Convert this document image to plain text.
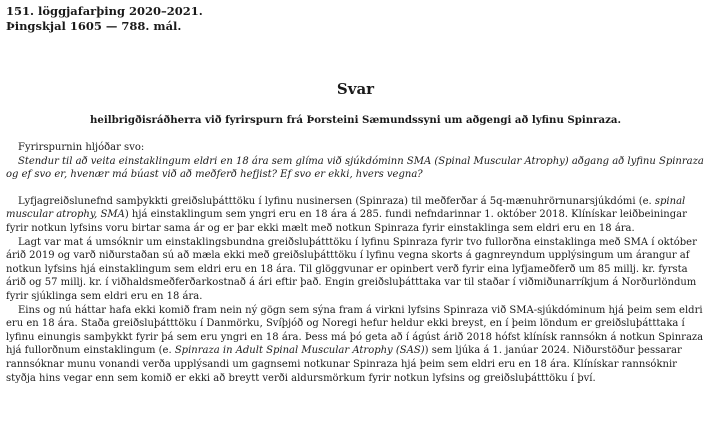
151. löggjafarþing 2020–2021.

Þingskjal 1605 — 788. mál.

Svar

heilbrigðisráðherra við fyrirspurn frá Þorsteini Sæmundssyni um aðgengi að lyfinu Spinraza.

Fyrirspurnin hljóðar svo:

Stendur til að veita einstaklingum eldri en 18 ára sem glíma við sjúkdóminn SMA (Spinal Muscular Atrophy) aðgang að lyfinu Spinraza og ef svo er, hvenær má búast við að meðferð hefjist? Ef svo er ekki, hvers vegna?

Lyfjagreiðslunefnd samþykkti greiðsluþátttöku í lyfinu nusinersen (Spinraza) til meðferðar á 5q-mænuhrörnunarsjúkdómi (e. spinal muscular atrophy, SMA) hjá einstaklingum sem yngri eru en 18 ára á 285. fundi nefndarinnar 1. október 2018. Klínískar leiðbeiningar fyrir notkun lyfsins voru birtar sama ár og er þar ekki mælt með notkun Spinraza fyrir einstaklinga sem eldri eru en 18 ára.

Lagt var mat á umsóknir um einstaklingsbundna greiðsluþátttöku í lyfinu Spinraza fyrir tvo fullorðna einstaklinga með SMA í október árið 2019 og varð niðurstaðan sú að mæla ekki með greiðsluþátttöku í lyfinu vegna skorts á gagnreyndum upplýsingum um árangur af notkun lyfsins hjá einstaklingum sem eldri eru en 18 ára. Til glöggvunar er opinbert verð fyrir eina lyfjameðferð um 85 millj. kr. fyrsta árið og 57 millj. kr. í viðhaldsmeðferðarkostnað á ári eftir það. Engin greiðsluþátttaka var til staðar í viðmiðunarríkjum á Norðurlöndum fyrir sjúklinga sem eldri eru en 18 ára.

Eins og nú háttar hafa ekki komið fram nein ný gögn sem sýna fram á virkni lyfsins Spinraza við SMA-sjúkdóminum hjá þeim sem eldri eru en 18 ára. Staða greiðsluþátttöku í Danmörku, Svíþjóð og Noregi hefur heldur ekki breyst, en í þeim löndum er greiðsluþátttaka í lyfinu einungis samþykkt fyrir þá sem eru yngri en 18 ára. Þess má þó geta að í ágúst árið 2018 hófst klínísk rannsókn á notkun Spinraza hjá fullorðnum einstaklingum (e. Spinraza in Adult Spinal Muscular Atrophy (SAS)) sem ljúka á 1. janúar 2024. Niðurstöður þessarar rannsóknar munu vonandi verða upplýsandi um gagnsemi notkunar Spinraza hjá þeim sem eldri eru en 18 ára. Klínískar rannsóknir styðja hins vegar enn sem komið er ekki að breytt verði aldursmörkum fyrir notkun lyfsins og greiðsluþátttöku í því.
